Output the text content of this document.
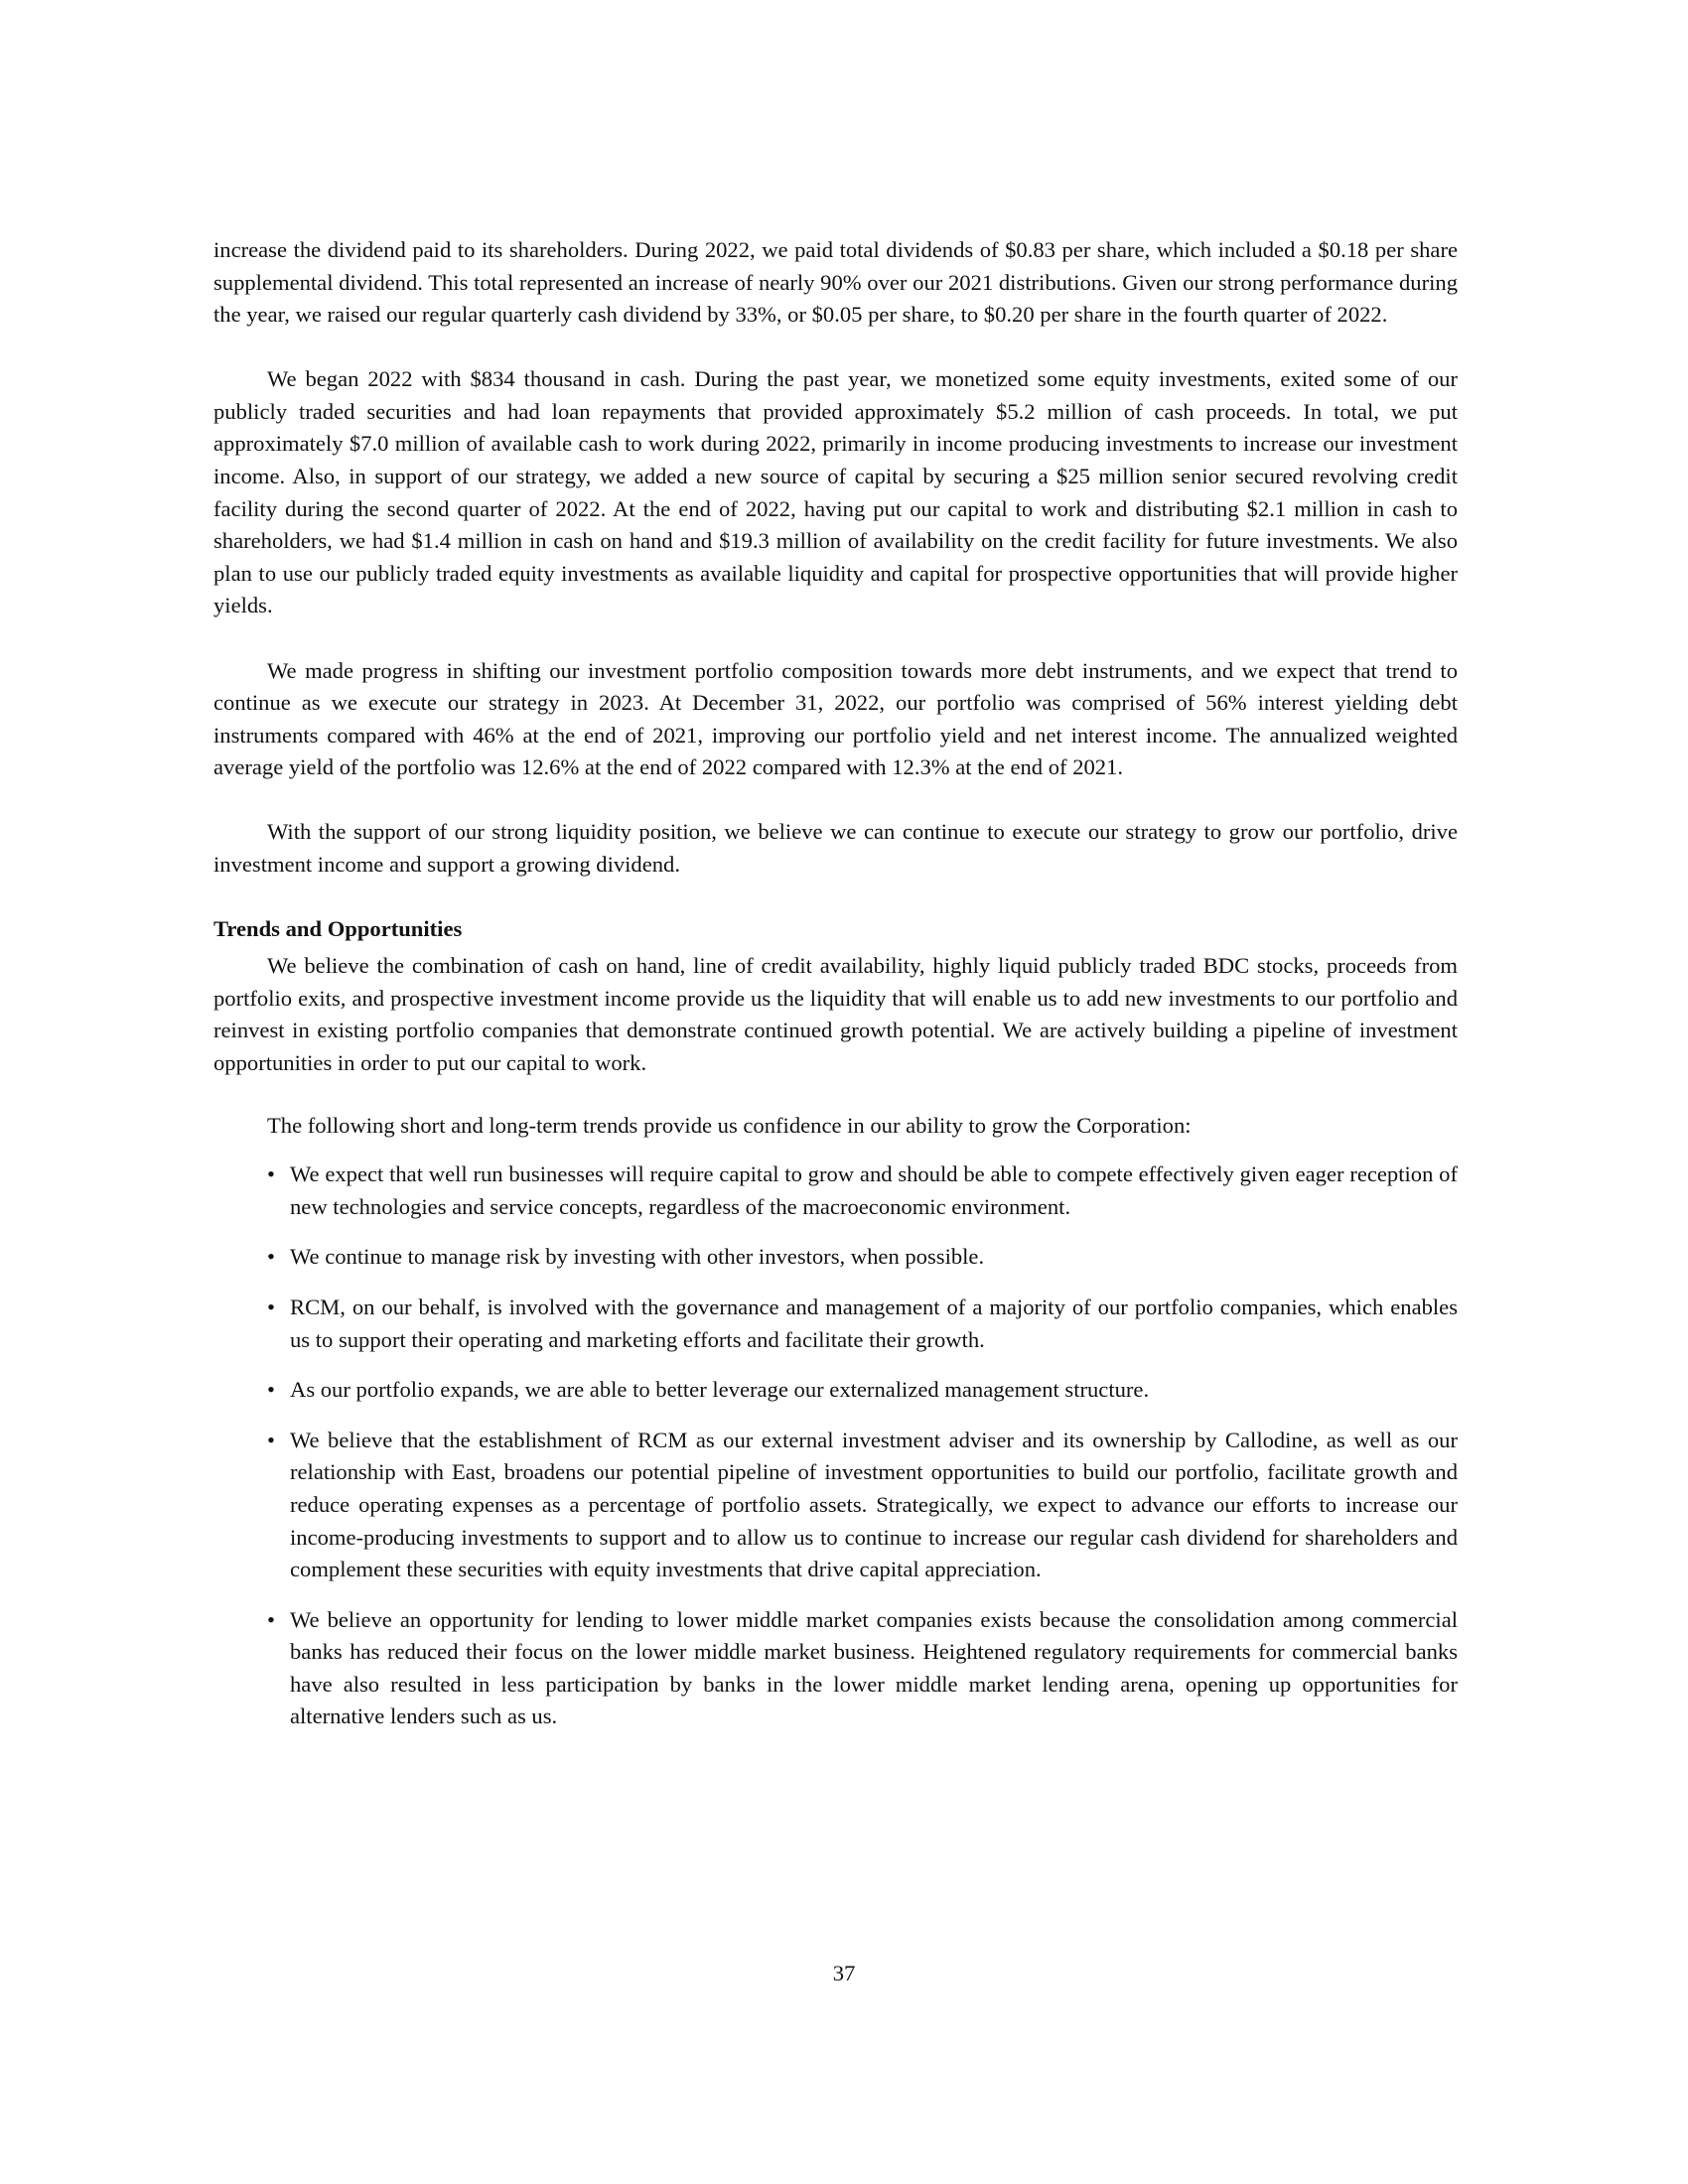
increase the dividend paid to its shareholders. During 2022, we paid total dividends of $0.83 per share, which included a $0.18 per share supplemental dividend. This total represented an increase of nearly 90% over our 2021 distributions. Given our strong performance during the year, we raised our regular quarterly cash dividend by 33%, or $0.05 per share, to $0.20 per share in the fourth quarter of 2022.

We began 2022 with $834 thousand in cash. During the past year, we monetized some equity investments, exited some of our publicly traded securities and had loan repayments that provided approximately $5.2 million of cash proceeds. In total, we put approximately $7.0 million of available cash to work during 2022, primarily in income producing investments to increase our investment income. Also, in support of our strategy, we added a new source of capital by securing a $25 million senior secured revolving credit facility during the second quarter of 2022. At the end of 2022, having put our capital to work and distributing $2.1 million in cash to shareholders, we had $1.4 million in cash on hand and $19.3 million of availability on the credit facility for future investments. We also plan to use our publicly traded equity investments as available liquidity and capital for prospective opportunities that will provide higher yields.

We made progress in shifting our investment portfolio composition towards more debt instruments, and we expect that trend to continue as we execute our strategy in 2023. At December 31, 2022, our portfolio was comprised of 56% interest yielding debt instruments compared with 46% at the end of 2021, improving our portfolio yield and net interest income. The annualized weighted average yield of the portfolio was 12.6% at the end of 2022 compared with 12.3% at the end of 2021.

With the support of our strong liquidity position, we believe we can continue to execute our strategy to grow our portfolio, drive investment income and support a growing dividend.

Trends and Opportunities

We believe the combination of cash on hand, line of credit availability, highly liquid publicly traded BDC stocks, proceeds from portfolio exits, and prospective investment income provide us the liquidity that will enable us to add new investments to our portfolio and reinvest in existing portfolio companies that demonstrate continued growth potential. We are actively building a pipeline of investment opportunities in order to put our capital to work.

The following short and long-term trends provide us confidence in our ability to grow the Corporation:

• We expect that well run businesses will require capital to grow and should be able to compete effectively given eager reception of new technologies and service concepts, regardless of the macroeconomic environment.
• We continue to manage risk by investing with other investors, when possible.
• RCM, on our behalf, is involved with the governance and management of a majority of our portfolio companies, which enables us to support their operating and marketing efforts and facilitate their growth.
• As our portfolio expands, we are able to better leverage our externalized management structure.
• We believe that the establishment of RCM as our external investment adviser and its ownership by Callodine, as well as our relationship with East, broadens our potential pipeline of investment opportunities to build our portfolio, facilitate growth and reduce operating expenses as a percentage of portfolio assets. Strategically, we expect to advance our efforts to increase our income-producing investments to support and to allow us to continue to increase our regular cash dividend for shareholders and complement these securities with equity investments that drive capital appreciation.
• We believe an opportunity for lending to lower middle market companies exists because the consolidation among commercial banks has reduced their focus on the lower middle market business. Heightened regulatory requirements for commercial banks have also resulted in less participation by banks in the lower middle market lending arena, opening up opportunities for alternative lenders such as us.
37
